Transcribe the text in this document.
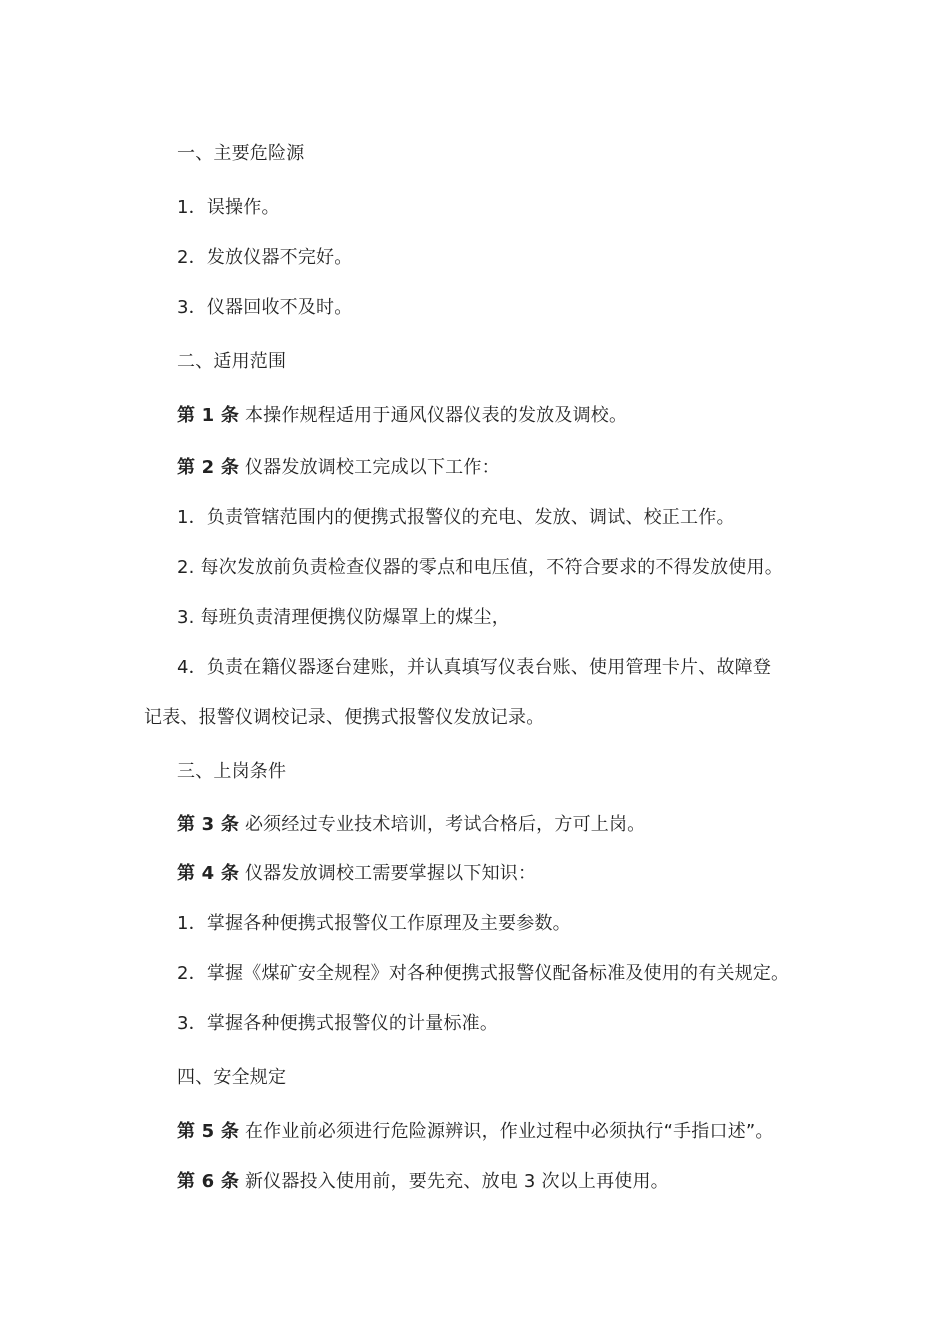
一、主要危险源
1．误操作。
2．发放仪器不完好。
3．仪器回收不及时。
二、适用范围
第 1 条 本操作规程适用于通风仪器仪表的发放及调校。
第 2 条 仪器发放调校工完成以下工作：
1．负责管辖范围内的便携式报警仪的充电、发放、调试、校正工作。
2. 每次发放前负责检查仪器的零点和电压值，不符合要求的不得发放使用。
3. 每班负责清理便携仪防爆罩上的煤尘，
4．负责在籍仪器逐台建账，并认真填写仪表台账、使用管理卡片、故障登
记表、报警仪调校记录、便携式报警仪发放记录。
三、上岗条件
第 3 条 必须经过专业技术培训，考试合格后，方可上岗。
第 4 条 仪器发放调校工需要掌握以下知识：
1．掌握各种便携式报警仪工作原理及主要参数。
2．掌握《煤矿安全规程》对各种便携式报警仪配备标准及使用的有关规定。
3．掌握各种便携式报警仪的计量标准。
四、安全规定
第 5 条 在作业前必须进行危险源辨识，作业过程中必须执行“手指口述”。
第 6 条 新仪器投入使用前，要先充、放电 3 次以上再使用。
